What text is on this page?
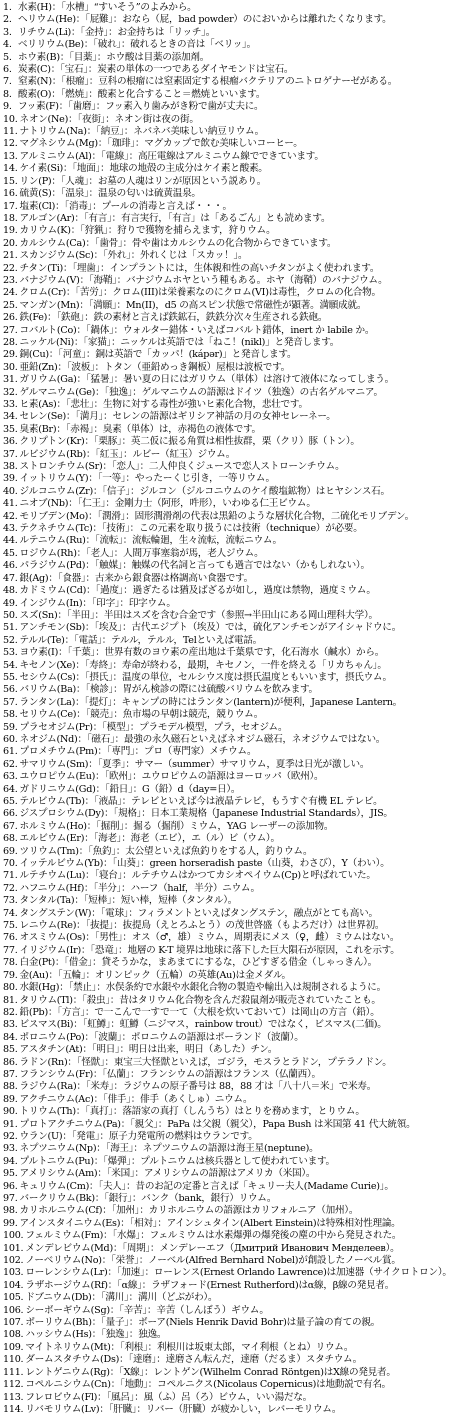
1. 水素(H)：「水槽」“すいそう”のよみから。
2. ヘリウム(He)：「屁難」：おなら（屁，bad powder）のにおいからは離れたくなります。
3. リチウム(Li)：「金持」：お金持ちは「リッチ」。
4. ベリリウム(Be)：「破れ」：破れるときの音は「ベリッ」。
5. ホウ素(B)：「目薬」：ホウ酸は目薬の添加剤。
6. 炭素(C)：「宝石」：炭素の単体の一つであるダイヤモンドは宝石。
7. 窒素(N)：「根瘤」：豆科の根瘤には窒素固定する根瘤バクテリアのニトロゲナーゼがある。
8. 酸素(O)：「燃焼」：酸素と化合すること＝燃焼といいます。
9. フッ素(F)：「歯磨」：フッ素入り歯みがき粉で歯が丈夫に。
10. ネオン(Ne)：「夜街」：ネオン街は夜の街。
11. ナトリウム(Na)：「納豆」：ネバネバ美味しい納豆リウム。
12. マグネシウム(Mg)：「珈琲」：マグカップで飲む美味しいコーヒー。
13. アルミニウム(Al)：「電線」：高圧電線はアルミニウム線でできています。
14. ケイ素(Si)：「地面」：地球の地殻の主成分はケイ素と酸素。
15. リン(P)：「人魂」：お墓の人魂はリンが原因という説あり。
16. 硫黄(S)：「温泉」：温泉の匂いは硫黄温泉。
17. 塩素(Cl)：「消毒」：プールの消毒と言えば・・・。
18. アルゴン(Ar)：「有言」：有言実行，「有言」は「あるごん」とも読めます。
19. カリウム(K)：「狩猟」：狩りで獲物を捕らえます，狩りウム。
20. カルシウム(Ca)：「歯骨」：骨や歯はカルシウムの化合物からできています。
21. スカンジウム(Sc)：「外れ」：外れくじは「スカッ！」。
22. チタン(Ti)：「埋歯」：インプラントには，生体親和性の高いチタンがよく使われます。
23. バナジウム(V)：「海鞘」：バナジウムホヤという種もある。ホヤ（海鞘）のバナジウム。
24. クロム(Cr)：「苦労」：クロム(III)は栄養素なのにクロム(VI)は毒性，クロムの化合物。
25. マンガン(Mn)：「満願」：Mn(II)，d5 の高スピン状態で常磁性が顕著。満願成就。
26. 鉄(Fe)：「鉄砲」：鉄の素材と言えば鉄鉱石，鉄鉄分次々生産される鉄砲。
27. コバルト(Co)：「鍋体」：ウォルター錯体・いえばコバルト錯体，inert か labile か。
28. ニッケル(Ni)：「家猫」：ニッケルは英語では「ねこ！(nikl)」と発音します。
29. 銅(Cu)：「河童」：銅は英語で「カッパ！(kápər)」と発音します。
30. 亜鉛(Zn)：「波板」：トタン（亜鉛めっき鋼板）屋根は波板です。
31. ガリウム(Ga)：「猛暑」：暑い夏の日にはガリウム（単体）は溶けて液体になってしまう。
32. ゲルマニウム(Ge)：「独逸」：ゲルマニウムの語源はドイツ（独逸）の古名ゲルマニア。
33. ヒ素(As)：「悲壮」：生物に対する毒性が強いヒ素化合物，悲壮です。
34. セレン(Se)：「満月」：セレンの語源はギリシア神話の月の女神セレーネー。
35. 臭素(Br)：「赤褐」：臭素（単体）は，赤褐色の液体です。
36. クリプトン(Kr)：「栗豚」：英二仮に振る角質は相性抜群，栗（クリ）豚（トン）。
37. ルビジウム(Rb)：「紅玉」：ルビー（紅玉）ジウム。
38. ストロンチウム(Sr)：「恋人」：二人仲良くジュースで恋人ストローンチウム。
39. イットリウム(Y)：「一等」：やったーくじ引き，一等リウム。
40. ジルコニウム(Zr)：「信子」：ジルコン（ジルコニウムのケイ酸塩鉱物）はヒヤシンス石。
41. ニオブ(Nb)：「仁王」：金剛力士（阿形，吽形），いわゆる仁王ビウム。
42. モリブデン(Mo)：「潤滑」：固形潤滑剤の代表は黒鉛のような層状化合物，二硫化モリブデン。
43. テクネチウム(Tc)：「技術」：この元素を取り扱うには技術（technique）が必要。
44. ルテニウム(Ru)：「流転」：流転輪廻，生々流転，流転ニウム。
45. ロジウム(Rh)：「老人」：人間万事塞翁が馬，老人ジウム。
46. パラジウム(Pd)：「触媒」：触媒の代名詞と言っても過言ではない（かもしれない）。
47. 銀(Ag)：「食器」：古来から銀食器は格調高い食器です。
48. カドミウム(Cd)：「過度」：過ぎたるは猶及ばざるが如し，過度は禁物，過度ミウム。
49. インジウム(In)：「印字」：印字ウム。
50. スズ(Sn)：「半田」：半田はスズを含む合金です（参照→半田山にある岡山理科大学）。
51. アンチモン(Sb)：「埃及」：古代エジプト（埃及）では，硫化アンチモンがアイシャドウに。
52. テルル(Te)：「電話」：テルル，テルル，Telといえば電話。
53. ヨウ素(I)：「千葉」：世界有数のヨウ素の産出地は千葉県です，化石海水（鹹水）から。
54. キセノン(Xe)：「寿終」：寿命が終わる，最期，キセノン，一件を終える「リカちゃん」。
55. セシウム(Cs)：「摂氏」：温度の単位，セルシウス度は摂氏温度ともいいます，摂氏ウム。
56. バリウム(Ba)：「検診」：胃がん検診の際には硫酸バリウムを飲みます。
57. ランタン(La)：「提灯」：キャンプの時にはランタン(lantern)が便利，Japanese Lantern。
58. セリウム(Ce)：「競売」：魚市場の早朝は競売，競りウム。
59. プラセオジム(Pr)：「模型」：プラモデル模型，プラ，セオジム。
60. ネオジム(Nd)：「磁石」：最強の永久磁石といえばネオジム磁石，ネオジウムではない。
61. プロメチウム(Pm)：「専門」：プロ（専門家）メチウム。
62. サマリウム(Sm)：「夏季」：サマー（summer）サマリウム，夏季は日光が激しい。
63. ユウロピウム(Eu)：「欧州」：ユウロピウムの語源はヨーロッパ（欧州）。
64. ガドリニウム(Gd)：「鉛日」：G（鉛）d（day=日）。
65. テルビウム(Tb)：「液晶」：テレビといえば今は液晶テレビ，もうすぐ有機 EL テレビ。
66. ジスプロシウム(Dy)：「規格」：日本工業規格（Japanese Industrial Standards），JIS。
67. ホルミウム(Ho)：「掘削」：掘る（掘削）ミウム，YAG レーザーの添加物。
68. エルビウム(Er)：「海老」：海老（エビ），エ（ル）ビ（ウム）。
69. ツリウム(Tm)：「魚釣」：太公望といえば魚釣りをする人，釣りウム。
70. イッテルビウム(Yb)：「山葵」：green horseradish paste（山葵，わさび），Y（わい）。
71. ルテチウム(Lu)：「寝台」：ルテチウムはかつてカシオペイウム(Cp)と呼ばれていた。
72. ハフニウム(Hf)：「半分」：ハーフ（half，半分）ニウム。
73. タンタル(Ta)：「短棒」：短い棒，短棒（タンタル）。
74. タングステン(W)：「電球」：フィラメントといえばタングステン，融点がとても高い。
75. レニウム(Re)：「抜提」：抜提鳥（えとろふとう）の茂世啓盛（もよろだけ）は世界初。
76. オスミウム(Os)：「男性」：オス（♂，雄）ミウム，周期表にメス（♀，雌）ミウムはない。
77. イリジウム(Ir)：「恐竜」：地層の K-T 境界は地球に落下した巨大隕石が原因，これを示す。
78. 白金(Pt)：「借金」：貸そうかな，まあまてにするな，ひどすぎる借金（しゃっきん）。
79. 金(Au)：「五輪」：オリンピック（五輪）の英雄(Au)は金メダル。
80. 水銀(Hg)：「禁止」：水俣条約で水銀や水銀化合物の製造や輸出入は規制されるように。
81. タリウム(Tl)：「殺虫」：昔はタリウム化合物を含んだ殺鼠剤が販売されていたことも。
82. 鉛(Pb)：「方言」：で一こんで一すで一て（大根を炊いておいて）は岡山の方言（鉛）。
83. ビスマス(Bi)：「虹鱒」：虹鱒（ニジマス，rainbow trout）ではなく，ビスマス(二価)。
84. ポロニウム(Po)：「波蘭」：ポロニウムの語源はポーランド（波蘭）。
85. アスタチン(At)：「明日」：明日は出来，明日（あした）チン。
86. ラドン(Rn)：「怪獣」：東宝三大怪獣といえば，ゴジラ，モスラとラドン，プテラノドン。
87. フランシウム(Fr)：「仏蘭」：フランシウムの語源はフランス（仏蘭西）。
88. ラジウム(Ra)：「米寿」：ラジウムの原子番号は 88，88 才は「八十八＝米」で米寿。
89. アクチニウム(Ac)：「俳手」：俳手（あくしゅ）ニウム。
90. トリウム(Th)：「真打」：落語家の真打（しんうち）はとりを務めます，とりウム。
91. プロトアクチニウム(Pa)：「親父」：PaPa は父親（親父），Papa Bush は米国第 41 代大統領。
92. ウラン(U)：「発電」：原子力発電所の燃料はウランです。
93. ネプツニウム(Np)：「海王」：ネプツニウムの語源は海王星(neptune)。
94. プルトニウム(Pu)：「爆弾」：プルトニウムは核兵器として使われています。
95. アメリシウム(Am)：「米国」：アメリシウムの語源はアメリカ（米国）。
96. キュリウム(Cm)：「夫人」：昔のお記の定番と言えば「キュリー夫人(Madame Curie)」。
97. バークリウム(Bk)：「銀行」：バンク（bank，銀行）リウム。
98. カリホルニウム(Cf)：「加州」：カリホルニウムの語源はカリフォルニア（加州）。
99. アインスタイニウム(Es)：「相対」：アインシュタイン(Albert Einstein)は特殊相対性理論。
100. フェルミウム(Fm)：「水爆」：フェルミウムは水素爆弾の爆発後の塵の中から発見された。
101. メンデレビウム(Md)：「周期」：メンデレーエフ（Дмитрий Иванович Менделеев）。
102. ノーベリウム(No)：「栄誉」：ノーベル(Alfred Bernhard Nobel)が創設したノーベル賞。
103. ローレンシウム(Lr)：「加速」：ローレンス(Ernest Orlando Lawrence)は加速器（サイクロトロン）。
104. ラザホージウム(Rf)：「α線」：ラザフォード(Ernest Rutherford)はα線，β線の発見者。
105. ドブニウム(Db)：「溝川」：溝川（どぶがわ）。
106. シーボーギウム(Sg)：「辛苦」：辛苦（しんぼう）ギウム。
107. ボーリウム(Bh)：「量子」：ボーア(Niels Henrik David Bohr)は量子論の育ての親。
108. ハッシウム(Hs)：「独逸」：独逸。
109. マイトネリウム(Mt)：「利根」：利根川は坂東太郎，マイ利根（とね）リウム。
110. ダームスタチウム(Ds)：「達磨」：達磨さん転んだ，達磨（だるま）スタチウム。
111. レントゲニウム(Rg)：「X線」：レントゲン(Wilhelm Conrad Röntgen)はX線の発見者。
112. コペルニシウム(Cn)：「地動」：コペルニクス(Nicolaus Copernicus)は地動説で有名。
113. フレロビウム(Fl)：「風呂」：風（ふ）呂（ろ）ビウム，いい湯だな。
114. リバモリウム(Lv)：「肝臓」：リバー（肝臓）が疲かしい，レバーモリウム。
